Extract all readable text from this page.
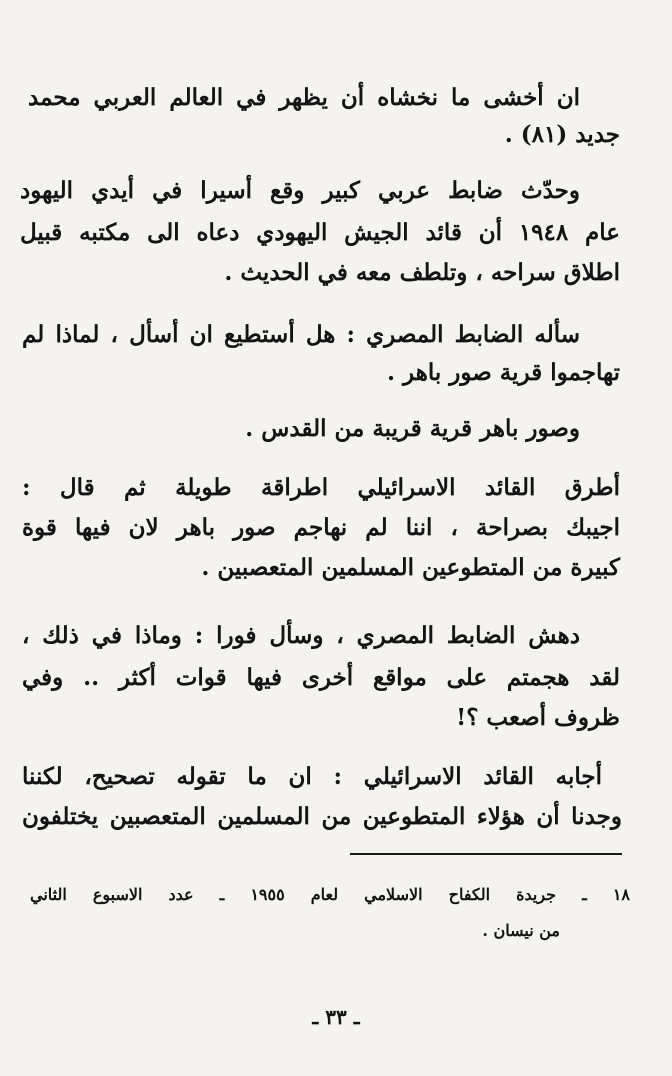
ان أخشى ما نخشاه أن يظهر في العالم العربي محمد
جديد (٨١) .
وحدّث ضابط عربي كبير وقع أسيرا في أيدي اليهود
عام ١٩٤٨ أن قائد الجيش اليهودي دعاه الى مكتبه قبيل
اطلاق سراحه ، وتلطف معه في الحديث .
سأله الضابط المصري : هل أستطيع ان أسأل ، لماذا لم
تهاجموا قرية صور باهر .
وصور باهر قرية قريبة من القدس .
أطرق القائد الاسرائيلي اطراقة طويلة ثم قال :
اجيبك بصراحة ، اننا لم نهاجم صور باهر لان فيها قوة
كبيرة من المتطوعين المسلمين المتعصبين .
دهش الضابط المصري ، وسأل فورا : وماذا في ذلك ،
لقد هجمتم على مواقع أخرى فيها قوات أكثر .. وفي
ظروف أصعب ؟!
أجابه القائد الاسرائيلي : ان ما تقوله تصحيح، لكننا
وجدنا أن هؤلاء المتطوعين من المسلمين المتعصبين يختلفون
١٨ ـ جريدة الكفاح الاسلامي لعام ١٩٥٥ ـ عدد الاسبوع الثاني
من نيسان .
ـ ٣٣ ـ
